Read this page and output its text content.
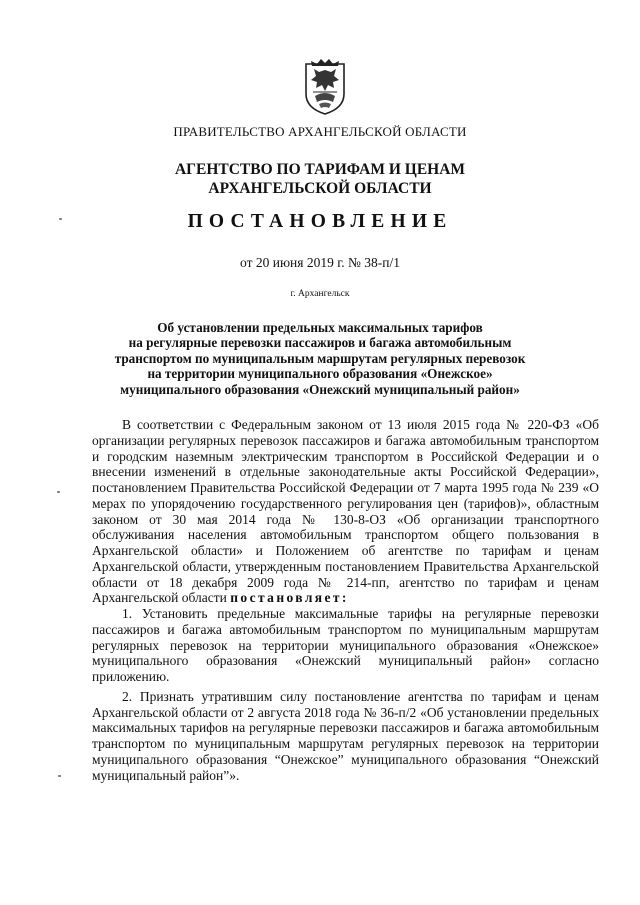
ПРАВИТЕЛЬСТВО АРХАНГЕЛЬСКОЙ ОБЛАСТИ
АГЕНТСТВО ПО ТАРИФАМ И ЦЕНАМ
АРХАНГЕЛЬСКОЙ ОБЛАСТИ
ПОСТАНОВЛЕНИЕ
от 20 июня 2019 г. № 38-п/1
г. Архангельск
Об установлении предельных максимальных тарифов
на регулярные перевозки пассажиров и багажа автомобильным
транспортом по муниципальным маршрутам регулярных перевозок
на территории муниципального образования «Онежское»
муниципального образования «Онежский муниципальный район»

В соответствии с Федеральным законом от 13 июля 2015 года № 220-ФЗ «Об организации регулярных перевозок пассажиров и багажа автомобильным транспортом и городским наземным электрическим транспортом в Российской Федерации и о внесении изменений в отдельные законодательные акты Российской Федерации», постановлением Правительства Российской Федерации от 7 марта 1995 года № 239 «О мерах по упорядочению государственного регулирования цен (тарифов)», областным законом от 30 мая 2014 года № 130-8-ОЗ «Об организации транспортного обслуживания населения автомобильным транспортом общего пользования в Архангельской области» и Положением об агентстве по тарифам и ценам Архангельской области, утвержденным постановлением Правительства Архангельской области от 18 декабря 2009 года № 214-пп, агентство по тарифам и ценам Архангельской области постановляет:

1. Установить предельные максимальные тарифы на регулярные перевозки пассажиров и багажа автомобильным транспортом по муниципальным маршрутам регулярных перевозок на территории муниципального образования «Онежское» муниципального образования «Онежский муниципальный район» согласно приложению.

2. Признать утратившим силу постановление агентства по тарифам и ценам Архангельской области от 2 августа 2018 года № 36-п/2 «Об установлении предельных максимальных тарифов на регулярные перевозки пассажиров и багажа автомобильным транспортом по муниципальным маршрутам регулярных перевозок на территории муниципального образования “Онежское” муниципального образования “Онежский муниципальный район”».
